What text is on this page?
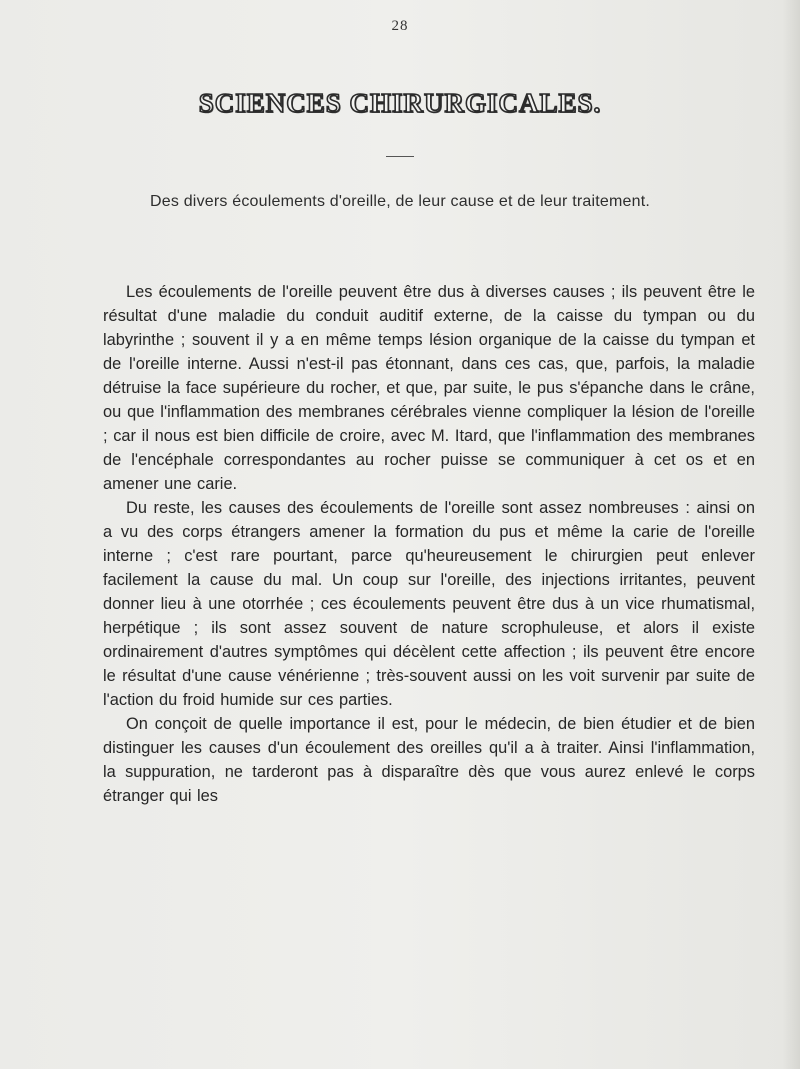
28
SCIENCES CHIRURGICALES.
Des divers écoulements d'oreille, de leur cause et de leur traitement.

Les écoulements de l'oreille peuvent être dus à diverses causes ; ils peuvent être le résultat d'une maladie du conduit auditif externe, de la caisse du tympan ou du labyrinthe ; souvent il y a en même temps lésion organique de la caisse du tympan et de l'oreille interne. Aussi n'est-il pas étonnant, dans ces cas, que, parfois, la maladie détruise la face supérieure du rocher, et que, par suite, le pus s'épanche dans le crâne, ou que l'inflammation des membranes cérébrales vienne compliquer la lésion de l'oreille ; car il nous est bien difficile de croire, avec M. Itard, que l'inflammation des membranes de l'encéphale correspondantes au rocher puisse se communiquer à cet os et en amener une carie.

Du reste, les causes des écoulements de l'oreille sont assez nombreuses : ainsi on a vu des corps étrangers amener la formation du pus et même la carie de l'oreille interne ; c'est rare pourtant, parce qu'heureusement le chirurgien peut enlever facilement la cause du mal. Un coup sur l'oreille, des injections irritantes, peuvent donner lieu à une otorrhée ; ces écoulements peuvent être dus à un vice rhumatismal, herpétique ; ils sont assez souvent de nature scrophuleuse, et alors il existe ordinairement d'autres symptômes qui décèlent cette affection ; ils peuvent être encore le résultat d'une cause vénérienne ; très-souvent aussi on les voit survenir par suite de l'action du froid humide sur ces parties.

On conçoit de quelle importance il est, pour le médecin, de bien étudier et de bien distinguer les causes d'un écoulement des oreilles qu'il a à traiter. Ainsi l'inflammation, la suppuration, ne tarderont pas à disparaître dès que vous aurez enlevé le corps étranger qui les
